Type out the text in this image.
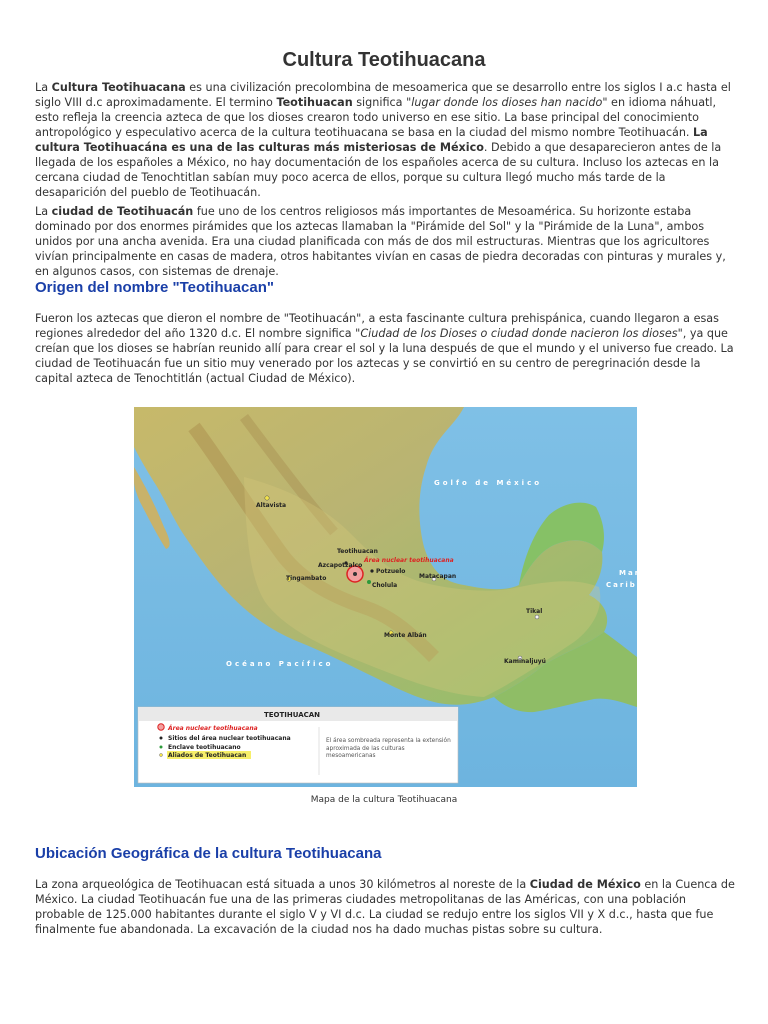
Cultura Teotihuacana

La Cultura Teotihuacana es una civilización precolombina de mesoamerica que se desarrollo entre los siglos I a.c hasta el siglo VIII d.c aproximadamente. El termino Teotihuacan significa "lugar donde los dioses han nacido" en idioma náhuatl, esto refleja la creencia azteca de que los dioses crearon todo universo en ese sitio. La base principal del conocimiento antropológico y especulativo acerca de la cultura teotihuacana se basa en la ciudad del mismo nombre Teotihuacán. La cultura Teotihuacána es una de las culturas más misteriosas de México. Debido a que desaparecieron antes de la llegada de los españoles a México, no hay documentación de los españoles acerca de su cultura. Incluso los aztecas en la cercana ciudad de Tenochtitlan sabían muy poco acerca de ellos, porque su cultura llegó mucho más tarde de la desaparición del pueblo de Teotihuacán.

La ciudad de Teotihuacán fue uno de los centros religiosos más importantes de Mesoamérica. Su horizonte estaba dominado por dos enormes pirámides que los aztecas llamaban la "Pirámide del Sol" y la "Pirámide de la Luna", ambos unidos por una ancha avenida. Era una ciudad planificada con más de dos mil estructuras. Mientras que los agricultores vivían principalmente en casas de madera, otros habitantes vivían en casas de piedra decoradas con pinturas y murales y, en algunos casos, con sistemas de drenaje.

Origen del nombre "Teotihuacan"

Fueron los aztecas que dieron el nombre de "Teotihuacán", a esta fascinante cultura prehispánica, cuando llegaron a esas regiones alrededor del año 1320 d.c. El nombre significa "Ciudad de los Dioses o ciudad donde nacieron los dioses", ya que creían que los dioses se habrían reunido allí para crear el sol y la luna después de que el mundo y el universo fue creado. La ciudad de Teotihuacán fue un sitio muy venerado por los aztecas y se convirtió en su centro de peregrinación desde la capital azteca de Tenochtitlán (actual Ciudad de México).

Golfo de México
Mar
Caribe
Océano Pacífico
Altavista
Teotihuacan
Área nuclear teotihuacana
Azcapotzalco
Tingambato
Potzuelo
Cholula
Matacapan
Tikal
Monte Albán
Kaminaljuyú
TEOTIHUACAN
Área nuclear teotihuacana
Sitios del área nuclear teotihuacana
Enclave teotihuacano
Aliados de Teotihuacan
El área sombreada representa la extensión aproximada de las culturas mesoamericanas
Mapa de la cultura Teotihuacana
Ubicación Geográfica de la cultura Teotihuacana

La zona arqueológica de Teotihuacan está situada a unos 30 kilómetros al noreste de la Ciudad de México en la Cuenca de México. La ciudad Teotihuacán fue una de las primeras ciudades metropolitanas de las Américas, con una población probable de 125.000 habitantes durante el siglo V y VI d.c. La ciudad se redujo entre los siglos VII y X d.c., hasta que fue finalmente fue abandonada. La excavación de la ciudad nos ha dado muchas pistas sobre su cultura.
